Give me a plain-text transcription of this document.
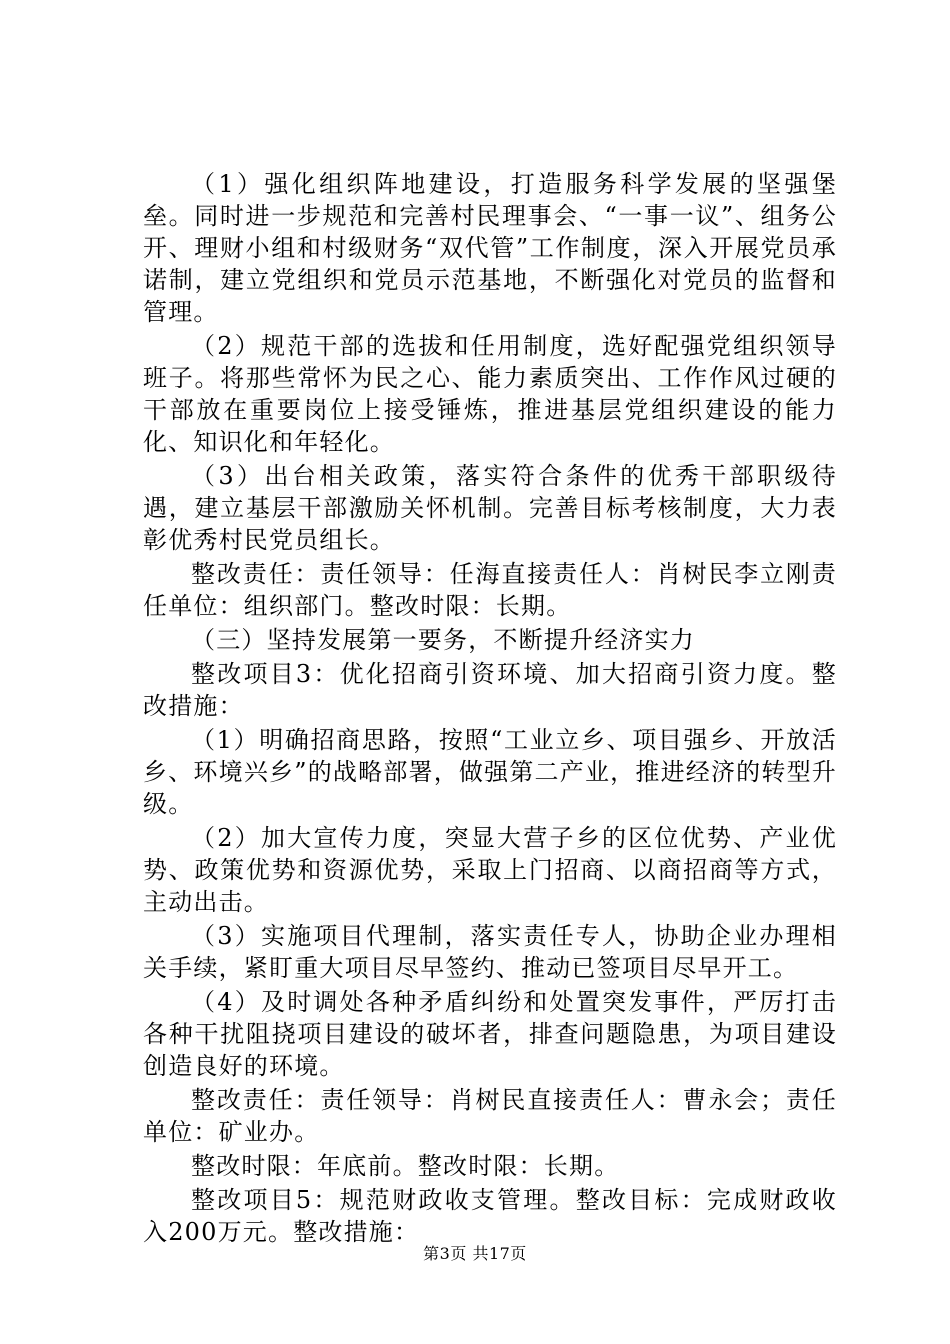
（1）强化组织阵地建设，打造服务科学发展的坚强堡垒。同时进一步规范和完善村民理事会、“一事一议”、组务公开、理财小组和村级财务“双代管”工作制度，深入开展党员承诺制，建立党组织和党员示范基地，不断强化对党员的监督和管理。

（2）规范干部的选拔和任用制度，选好配强党组织领导班子。将那些常怀为民之心、能力素质突出、工作作风过硬的干部放在重要岗位上接受锤炼，推进基层党组织建设的能力化、知识化和年轻化。

（3）出台相关政策，落实符合条件的优秀干部职级待遇，建立基层干部激励关怀机制。完善目标考核制度，大力表彰优秀村民党员组长。

整改责任：责任领导：任海直接责任人：肖树民李立刚责任单位：组织部门。整改时限：长期。

（三）坚持发展第一要务，不断提升经济实力

整改项目3：优化招商引资环境、加大招商引资力度。整改措施：

（1）明确招商思路，按照“工业立乡、项目强乡、开放活乡、环境兴乡”的战略部署，做强第二产业，推进经济的转型升级。

（2）加大宣传力度，突显大营子乡的区位优势、产业优势、政策优势和资源优势，采取上门招商、以商招商等方式，主动出击。

（3）实施项目代理制，落实责任专人，协助企业办理相关手续，紧盯重大项目尽早签约、推动已签项目尽早开工。

（4）及时调处各种矛盾纠纷和处置突发事件，严厉打击各种干扰阻挠项目建设的破坏者，排查问题隐患，为项目建设创造良好的环境。

整改责任：责任领导：肖树民直接责任人：曹永会；责任单位：矿业办。

整改时限：年底前。整改时限：长期。

整改项目5：规范财政收支管理。整改目标：完成财政收入200万元。整改措施：

第3页 共17页
